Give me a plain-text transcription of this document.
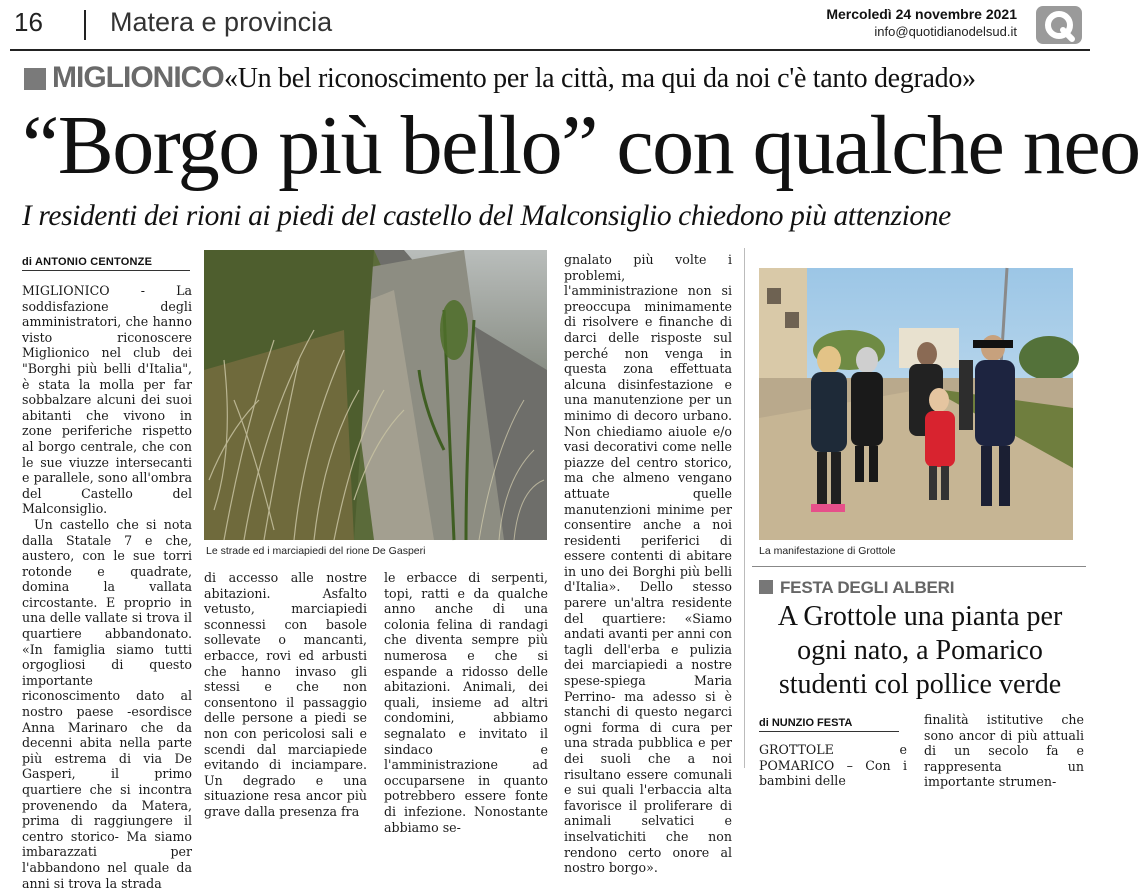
16 Matera e provincia	Mercoledì 24 novembre 2021
info@quotidianodelsud.it
MIGLIONICO «Un bel riconoscimento per la città, ma qui da noi c'è tanto degrado»
“Borgo più bello” con qualche neo
I residenti dei rioni ai piedi del castello del Malconsiglio chiedono più attenzione
di ANTONIO CENTONZE

MIGLIONICO - La soddisfazione degli amministratori, che hanno visto riconoscere Miglionico nel club dei "Borghi più belli d'Italia", è stata la molla per far sobbalzare alcuni dei suoi abitanti che vivono in zone periferiche rispetto al borgo centrale, che con le sue viuzze intersecanti e parallele, sono all'ombra del Castello del Malconsiglio.

Un castello che si nota dalla Statale 7 e che, austero, con le sue torri rotonde e quadrate, domina la vallata circostante. E proprio in una delle vallate si trova il quartiere abbandonato. «In famiglia siamo tutti orgogliosi di questo importante riconoscimento dato al nostro paese -esordisce Anna Marinaro che da decenni abita nella parte più estrema di via De Gasperi, il primo quartiere che si incontra provenendo da Matera, prima di raggiungere il centro storico- Ma siamo imbarazzati per l'abbandono nel quale da anni si trova la strada

Le strade ed i marciapiedi del rione De Gasperi

di accesso alle nostre abitazioni. Asfalto vetusto, marciapiedi sconnessi con basole sollevate o mancanti, erbacce, rovi ed arbusti che hanno invaso gli stessi e che non consentono il passaggio delle persone a piedi se non con pericolosi sali e scendi dal marciapiede evitando di inciampare. Un degrado e una situazione resa ancor più grave dalla presenza fra

le erbacce di serpenti, topi, ratti e da qualche anno anche di una colonia felina di randagi che diventa sempre più numerosa e che si espande a ridosso delle abitazioni. Animali, dei quali, insieme ad altri condomini, abbiamo segnalato e invitato il sindaco e l'amministrazione ad occuparsene in quanto potrebbero essere fonte di infezione. Nonostante abbiamo se-

gnalato più volte i problemi, l'amministrazione non si preoccupa minimamente di risolvere e finanche di darci delle risposte sul perché non venga in questa zona effettuata alcuna disinfestazione e una manutenzione per un minimo di decoro urbano. Non chiediamo aiuole e/o vasi decorativi come nelle piazze del centro storico, ma che almeno vengano attuate quelle manutenzioni minime per consentire anche a noi residenti periferici di essere contenti di abitare in uno dei Borghi più belli d'Italia». Dello stesso parere un'altra residente del quartiere: «Siamo andati avanti per anni con tagli dell'erba e pulizia dei marciapiedi a nostre spese-spiega Maria Perrino- ma adesso si è stanchi di questo negarci ogni forma di cura per una strada pubblica e per dei suoli che a noi risultano essere comunali e sui quali l'erbaccia alta favorisce il proliferare di animali selvatici e inselvatichiti che non rendono certo onore al nostro borgo».

La manifestazione di Grottole
FESTA DEGLI ALBERI
A Grottole una pianta per ogni nato, a Pomarico studenti col pollice verde
di NUNZIO FESTA

GROTTOLE e POMARICO – Con i bambini delle

finalità istitutive che sono ancor di più attuali di un secolo fa e rappresenta un importante strumen-
